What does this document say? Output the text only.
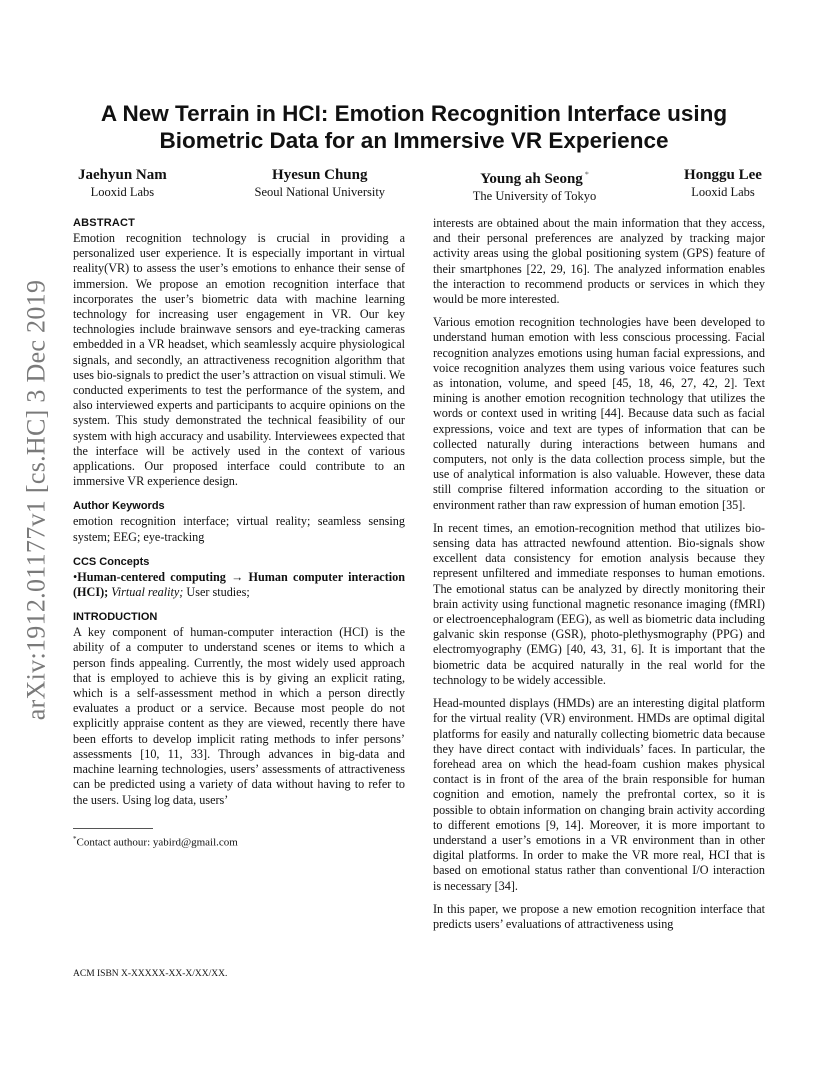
arXiv:1912.01177v1 [cs.HC] 3 Dec 2019
A New Terrain in HCI: Emotion Recognition Interface using Biometric Data for an Immersive VR Experience
Jaehyun Nam
Looxid Labs
Hyesun Chung
Seoul National University
Young ah Seong *
The University of Tokyo
Honggu Lee
Looxid Labs
ABSTRACT

Emotion recognition technology is crucial in providing a personalized user experience. It is especially important in virtual reality(VR) to assess the user’s emotions to enhance their sense of immersion. We propose an emotion recognition interface that incorporates the user’s biometric data with machine learning technology for increasing user engagement in VR. Our key technologies include brainwave sensors and eye-tracking cameras embedded in a VR headset, which seamlessly acquire physiological signals, and secondly, an attractiveness recognition algorithm that uses bio-signals to predict the user’s attraction on visual stimuli. We conducted experiments to test the performance of the system, and also interviewed experts and participants to acquire opinions on the system. This study demonstrated the technical feasibility of our system with high accuracy and usability. Interviewees expected that the interface will be actively used in the context of various applications. Our proposed interface could contribute to an immersive VR experience design.

Author Keywords

emotion recognition interface; virtual reality; seamless sensing system; EEG; eye-tracking

CCS Concepts

•Human-centered computing → Human computer interaction (HCI); Virtual reality; User studies;

INTRODUCTION

A key component of human-computer interaction (HCI) is the ability of a computer to understand scenes or items to which a person finds appealing. Currently, the most widely used approach that is employed to achieve this is by giving an explicit rating, which is a self-assessment method in which a person directly evaluates a product or a service. Because most people do not explicitly appraise content as they are viewed, recently there have been efforts to develop implicit rating methods to infer persons’ assessments [10, 11, 33]. Through advances in big-data and machine learning technologies, users’ assessments of attractiveness can be predicted using a variety of data without having to refer to the users. Using log data, users’

*Contact authour: yabird@gmail.com
ACM ISBN X-XXXXX-XX-X/XX/XX.

interests are obtained about the main information that they access, and their personal preferences are analyzed by tracking major activity areas using the global positioning system (GPS) feature of their smartphones [22, 29, 16]. The analyzed information enables the interaction to recommend products or services in which they would be more interested.

Various emotion recognition technologies have been developed to understand human emotion with less conscious processing. Facial recognition analyzes emotions using human facial expressions, and voice recognition analyzes them using various voice features such as intonation, volume, and speed [45, 18, 46, 27, 42, 2]. Text mining is another emotion recognition technology that utilizes the words or context used in writing [44]. Because data such as facial expressions, voice and text are types of information that can be collected naturally during interactions between humans and computers, not only is the data collection process simple, but the use of analytical information is also valuable. However, these data still comprise filtered information according to the situation or environment rather than raw expression of human emotion [35].

In recent times, an emotion-recognition method that utilizes bio-sensing data has attracted newfound attention. Bio-signals show excellent data consistency for emotion analysis because they represent unfiltered and immediate responses to human emotions. The emotional status can be analyzed by directly monitoring their brain activity using functional magnetic resonance imaging (fMRI) or electroencephalogram (EEG), as well as biometric data including galvanic skin response (GSR), photo-plethysmography (PPG) and electromyography (EMG) [40, 43, 31, 6]. It is important that the biometric data be acquired naturally in the real world for the technology to be widely accessible.

Head-mounted displays (HMDs) are an interesting digital platform for the virtual reality (VR) environment. HMDs are optimal digital platforms for easily and naturally collecting biometric data because they have direct contact with individuals’ faces. In particular, the forehead area on which the head-foam cushion makes physical contact is in front of the area of the brain responsible for human cognition and emotion, namely the prefrontal cortex, so it is possible to obtain information on changing brain activity according to different emotions [9, 14]. Moreover, it is more important to understand a user’s emotions in a VR environment than in other digital platforms. In order to make the VR more real, HCI that is based on emotional status rather than conventional I/O interaction is necessary [34].

In this paper, we propose a new emotion recognition interface that predicts users’ evaluations of attractiveness using
